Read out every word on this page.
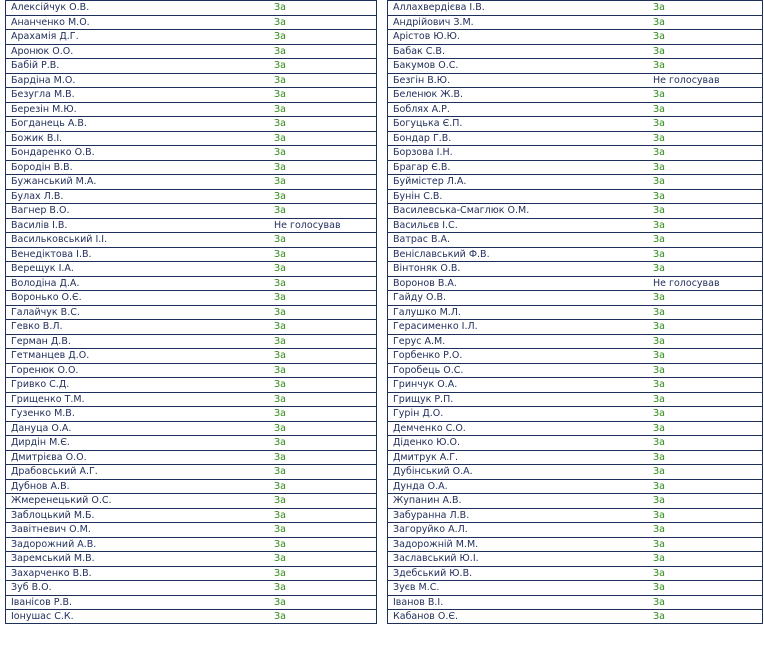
Алексійчук О.В.	За
Ананченко М.О.	За
Арахамія Д.Г.	За
Аронюк О.О.	За
Бабій Р.В.	За
Бардіна М.О.	За
Безугла М.В.	За
Березін М.Ю.	За
Богданець А.В.	За
Божик В.І.	За
Бондаренко О.В.	За
Бородін В.В.	За
Бужанський М.А.	За
Булах Л.В.	За
Вагнер В.О.	За
Василів І.В.	Не голосував
Васильковський І.І.	За
Венедіктова І.В.	За
Верещук І.А.	За
Володіна Д.А.	За
Воронько О.Є.	За
Галайчук В.С.	За
Гевко В.Л.	За
Герман Д.В.	За
Гетманцев Д.О.	За
Горенюк О.О.	За
Гривко С.Д.	За
Грищенко Т.М.	За
Гузенко М.В.	За
Дануца О.А.	За
Дирдін М.Є.	За
Дмитрієва О.О.	За
Драбовський А.Г.	За
Дубнов А.В.	За
Жмеренецький О.С.	За
Заблоцький М.Б.	За
Завітневич О.М.	За
Задорожний А.В.	За
Заремський М.В.	За
Захарченко В.В.	За
Зуб В.О.	За
Іванісов Р.В.	За
Іонушас С.К.	За
Аллахвердієва І.В.	За
Андрійович З.М.	За
Арістов Ю.Ю.	За
Бабак С.В.	За
Бакумов О.С.	За
Безгін В.Ю.	Не голосував
Беленюк Ж.В.	За
Боблях А.Р.	За
Богуцька Є.П.	За
Бондар Г.В.	За
Борзова І.Н.	За
Брагар Є.В.	За
Буймістер Л.А.	За
Бунін С.В.	За
Василевська-Смаглюк О.М.	За
Васильєв І.С.	За
Ватрас В.А.	За
Веніславський Ф.В.	За
Вінтоняк О.В.	За
Воронов В.А.	Не голосував
Гайду О.В.	За
Галушко М.Л.	За
Герасименко І.Л.	За
Герус А.М.	За
Горбенко Р.О.	За
Горобець О.С.	За
Гринчук О.А.	За
Грищук Р.П.	За
Гурін Д.О.	За
Демченко С.О.	За
Діденко Ю.О.	За
Дмитрук А.Г.	За
Дубінський О.А.	За
Дунда О.А.	За
Жупанин А.В.	За
Забуранна Л.В.	За
Загоруйко А.Л.	За
Задорожній М.М.	За
Заславський Ю.І.	За
Здебський Ю.В.	За
Зуєв М.С.	За
Іванов В.І.	За
Кабанов О.Є.	За
